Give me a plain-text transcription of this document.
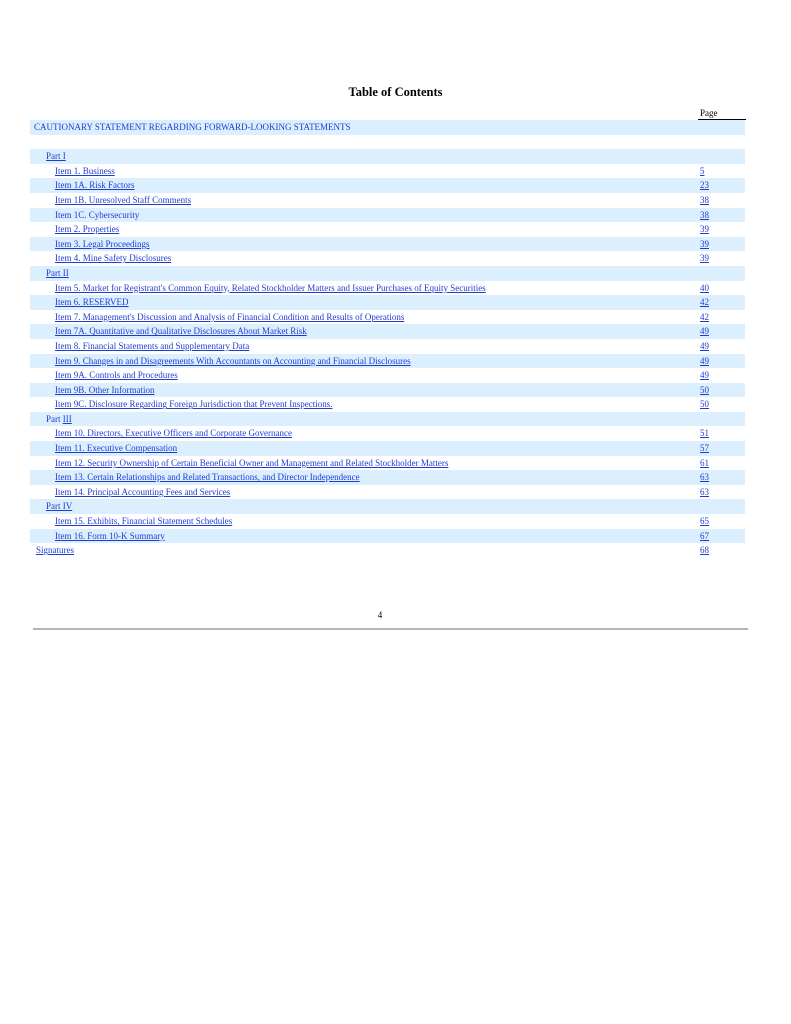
Table of Contents
Page
CAUTIONARY STATEMENT REGARDING FORWARD-LOOKING STATEMENTS
Part I
Item 1. Business	5
Item 1A. Risk Factors	23
Item 1B. Unresolved Staff Comments	38
Item 1C. Cybersecurity	38
Item 2. Properties	39
Item 3. Legal Proceedings	39
Item 4. Mine Safety Disclosures	39
Part II
Item 5. Market for Registrant's Common Equity, Related Stockholder Matters and Issuer Purchases of Equity Securities	40
Item 6. RESERVED	42
Item 7. Management's Discussion and Analysis of Financial Condition and Results of Operations	42
Item 7A. Quantitative and Qualitative Disclosures About Market Risk	49
Item 8. Financial Statements and Supplementary Data	49
Item 9. Changes in and Disagreements With Accountants on Accounting and Financial Disclosures	49
Item 9A. Controls and Procedures	49
Item 9B. Other Information	50
Item 9C. Disclosure Regarding Foreign Jurisdiction that Prevent Inspections.	50
Part III
Item 10. Directors, Executive Officers and Corporate Governance	51
Item 11. Executive Compensation	57
Item 12. Security Ownership of Certain Beneficial Owner and Management and Related Stockholder Matters	61
Item 13. Certain Relationships and Related Transactions, and Director Independence	63
Item 14. Principal Accounting Fees and Services	63
Part IV
Item 15. Exhibits, Financial Statement Schedules	65
Item 16. Form 10-K Summary	67
Signatures	68
4
